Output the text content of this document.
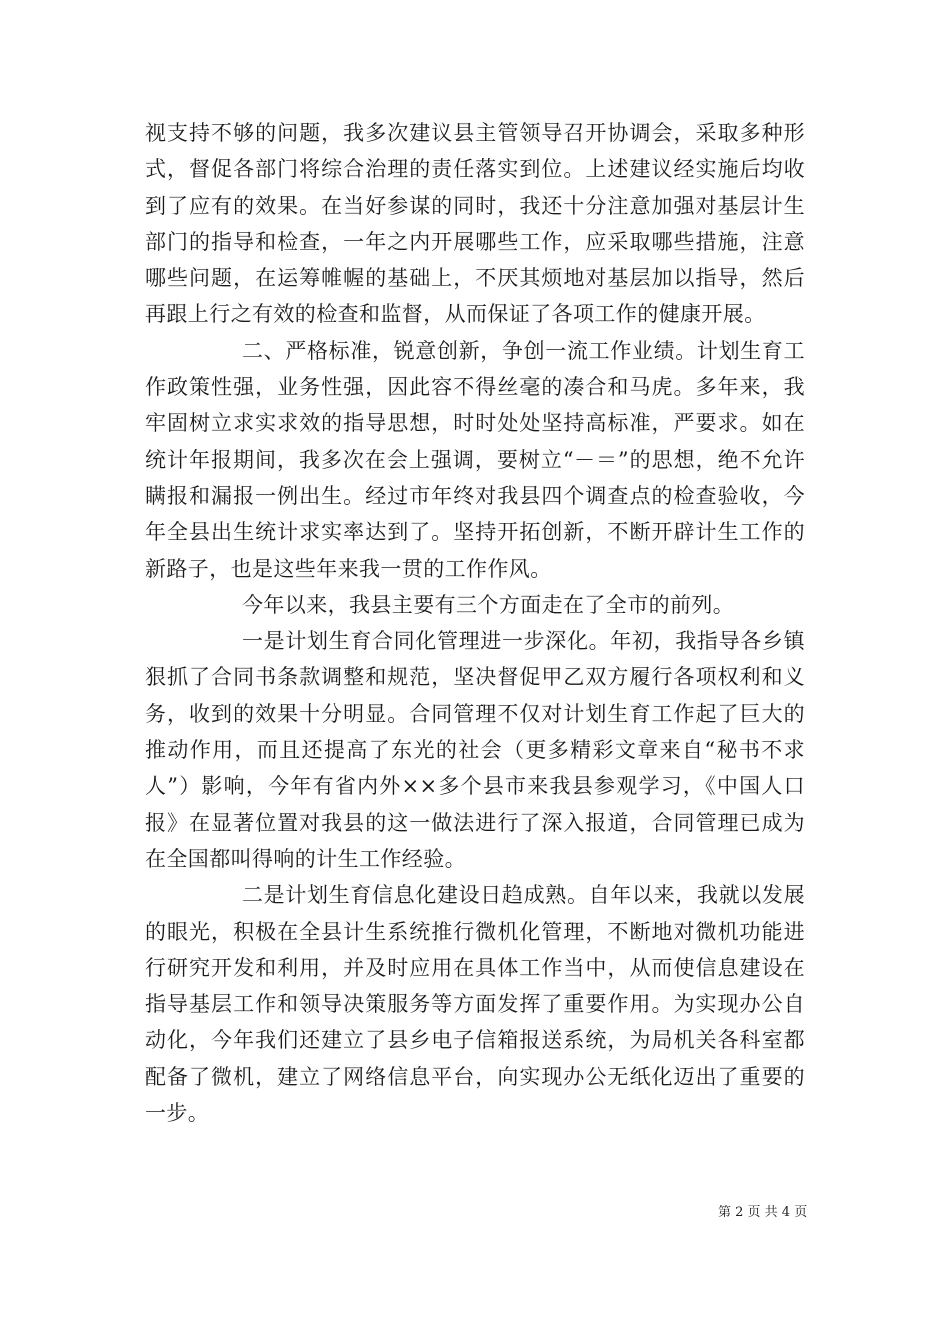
视支持不够的问题，我多次建议县主管领导召开协调会，采取多种形式，督促各部门将综合治理的责任落实到位。上述建议经实施后均收到了应有的效果。在当好参谋的同时，我还十分注意加强对基层计生部门的指导和检查，一年之内开展哪些工作，应采取哪些措施，注意哪些问题，在运筹帷幄的基础上，不厌其烦地对基层加以指导，然后再跟上行之有效的检查和监督，从而保证了各项工作的健康开展。

二、严格标准，锐意创新，争创一流工作业绩。计划生育工作政策性强，业务性强，因此容不得丝毫的凑合和马虎。多年来，我牢固树立求实求效的指导思想，时时处处坚持高标准，严要求。如在统计年报期间，我多次在会上强调，要树立“－＝”的思想，绝不允许瞒报和漏报一例出生。经过市年终对我县四个调查点的检查验收，今年全县出生统计求实率达到了。坚持开拓创新，不断开辟计生工作的新路子，也是这些年来我一贯的工作作风。

今年以来，我县主要有三个方面走在了全市的前列。

一是计划生育合同化管理进一步深化。年初，我指导各乡镇狠抓了合同书条款调整和规范，坚决督促甲乙双方履行各项权利和义务，收到的效果十分明显。合同管理不仅对计划生育工作起了巨大的推动作用，而且还提高了东光的社会（更多精彩文章来自“秘书不求人”）影响，今年有省内外××多个县市来我县参观学习，《中国人口报》在显著位置对我县的这一做法进行了深入报道，合同管理已成为在全国都叫得响的计生工作经验。

二是计划生育信息化建设日趋成熟。自年以来，我就以发展的眼光，积极在全县计生系统推行微机化管理，不断地对微机功能进行研究开发和利用，并及时应用在具体工作当中，从而使信息建设在指导基层工作和领导决策服务等方面发挥了重要作用。为实现办公自动化，今年我们还建立了县乡电子信箱报送系统，为局机关各科室都配备了微机，建立了网络信息平台，向实现办公无纸化迈出了重要的一步。

第 2 页 共 4 页
